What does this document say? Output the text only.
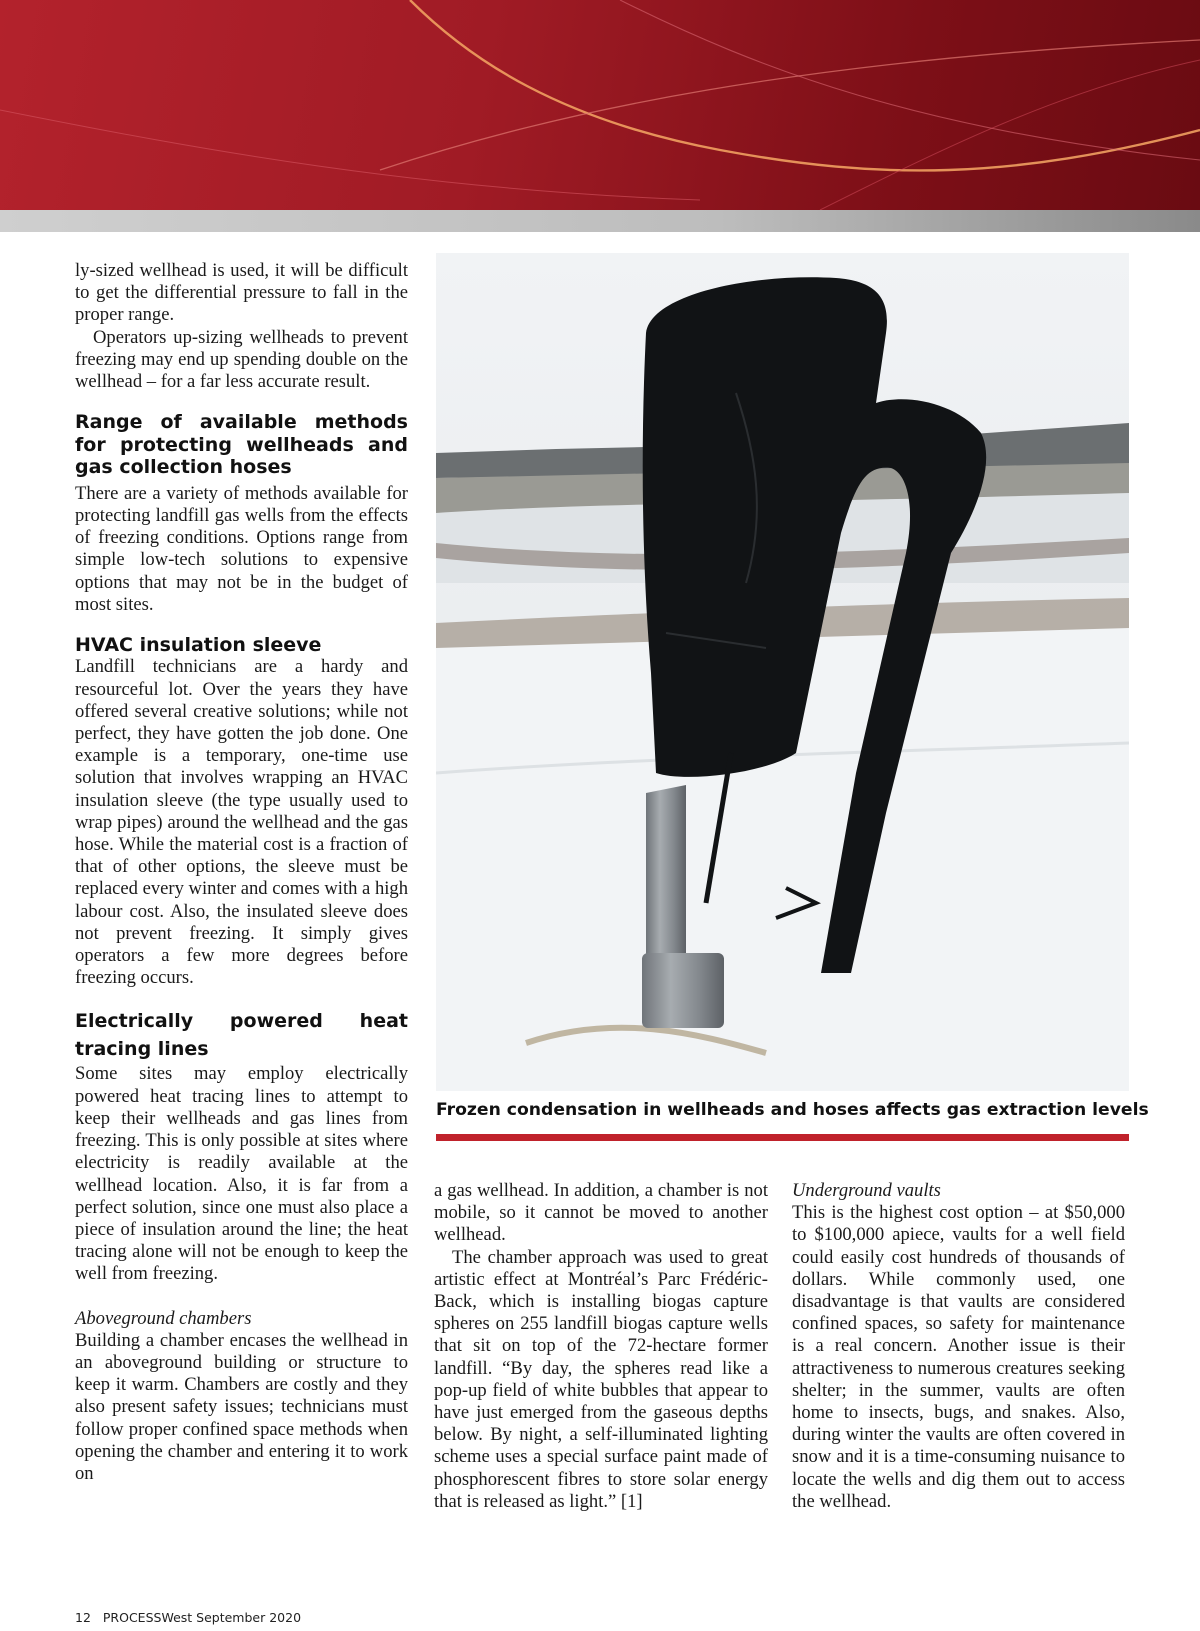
ly-sized wellhead is used, it will be difficult to get the differential pressure to fall in the proper range.

Operators up-sizing wellheads to prevent freezing may end up spending double on the wellhead – for a far less accurate result.

Range of available methods for protecting wellheads and gas collection hoses

There are a variety of methods available for protecting landfill gas wells from the effects of freezing conditions. Options range from simple low-tech solutions to expensive options that may not be in the budget of most sites.

HVAC insulation sleeve

Landfill technicians are a hardy and resourceful lot. Over the years they have offered several creative solutions; while not perfect, they have gotten the job done. One example is a temporary, one-time use solution that involves wrapping an HVAC insulation sleeve (the type usually used to wrap pipes) around the wellhead and the gas hose. While the material cost is a fraction of that of other options, the sleeve must be replaced every winter and comes with a high labour cost. Also, the insulated sleeve does not prevent freezing. It simply gives operators a few more degrees before freezing occurs.

Electrically powered heat tracing lines

Some sites may employ electrically powered heat tracing lines to attempt to keep their wellheads and gas lines from freezing. This is only possible at sites where electricity is readily available at the wellhead location. Also, it is far from a perfect solution, since one must also place a piece of insulation around the line; the heat tracing alone will not be enough to keep the well from freezing.

Aboveground chambers

Building a chamber encases the wellhead in an aboveground building or structure to keep it warm. Chambers are costly and they also present safety issues; technicians must follow proper confined space methods when opening the chamber and entering it to work on

Frozen condensation in wellheads and hoses affects gas extraction levels

a gas wellhead. In addition, a chamber is not mobile, so it cannot be moved to another wellhead.

The chamber approach was used to great artistic effect at Montréal’s Parc Frédéric-Back, which is installing biogas capture spheres on 255 landfill biogas capture wells that sit on top of the 72-hectare former landfill. “By day, the spheres read like a pop-up field of white bubbles that appear to have just emerged from the gaseous depths below. By night, a self-illuminated lighting scheme uses a special surface paint made of phosphorescent fibres to store solar energy that is released as light.” [1]

Underground vaults

This is the highest cost option – at $50,000 to $100,000 apiece, vaults for a well field could easily cost hundreds of thousands of dollars. While commonly used, one disadvantage is that vaults are considered confined spaces, so safety for maintenance is a real concern. Another issue is their attractiveness to numerous creatures seeking shelter; in the summer, vaults are often home to insects, bugs, and snakes. Also, during winter the vaults are often covered in snow and it is a time-consuming nuisance to locate the wells and dig them out to access the wellhead.

12 PROCESSWest September 2020
